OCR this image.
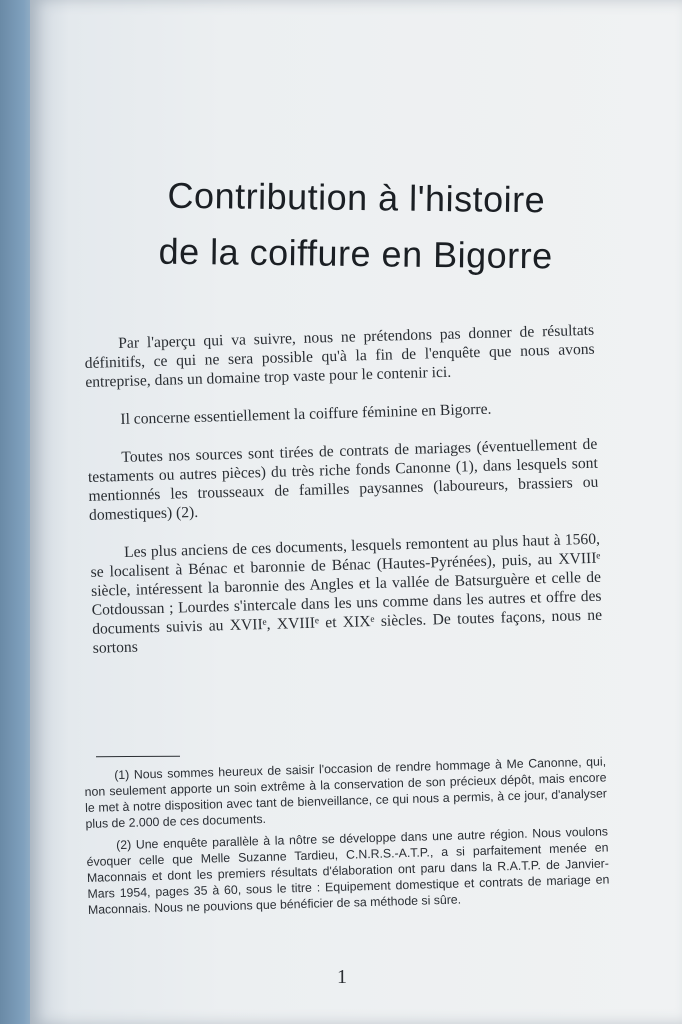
Contribution à l'histoire
de la coiffure en Bigorre

Par l'aperçu qui va suivre, nous ne prétendons pas donner de résultats définitifs, ce qui ne sera possible qu'à la fin de l'enquête que nous avons entreprise, dans un domaine trop vaste pour le contenir ici.

Il concerne essentiellement la coiffure féminine en Bigorre.

Toutes nos sources sont tirées de contrats de mariages (éventuellement de testaments ou autres pièces) du très riche fonds Canonne (1), dans lesquels sont mentionnés les trousseaux de familles paysannes (laboureurs, brassiers ou domestiques) (2).

Les plus anciens de ces documents, lesquels remontent au plus haut à 1560, se localisent à Bénac et baronnie de Bénac (Hautes-Pyrénées), puis, au XVIIIᵉ siècle, intéressent la baronnie des Angles et la vallée de Batsurguère et celle de Cotdoussan ; Lourdes s'intercale dans les uns comme dans les autres et offre des documents suivis au XVIIᵉ, XVIIIᵉ et XIXᵉ siècles. De toutes façons, nous ne sortons

(1) Nous sommes heureux de saisir l'occasion de rendre hommage à Me Canonne, qui, non seulement apporte un soin extrême à la conservation de son précieux dépôt, mais encore le met à notre disposition avec tant de bienveillance, ce qui nous a permis, à ce jour, d'analyser plus de 2.000 de ces documents.

(2) Une enquête parallèle à la nôtre se développe dans une autre région. Nous voulons évoquer celle que Melle Suzanne Tardieu, C.N.R.S.-A.T.P., a si parfaitement menée en Maconnais et dont les premiers résultats d'élaboration ont paru dans la R.A.T.P. de Janvier-Mars 1954, pages 35 à 60, sous le titre : Equipement domestique et contrats de mariage en Maconnais. Nous ne pouvions que bénéficier de sa méthode si sûre.

1
